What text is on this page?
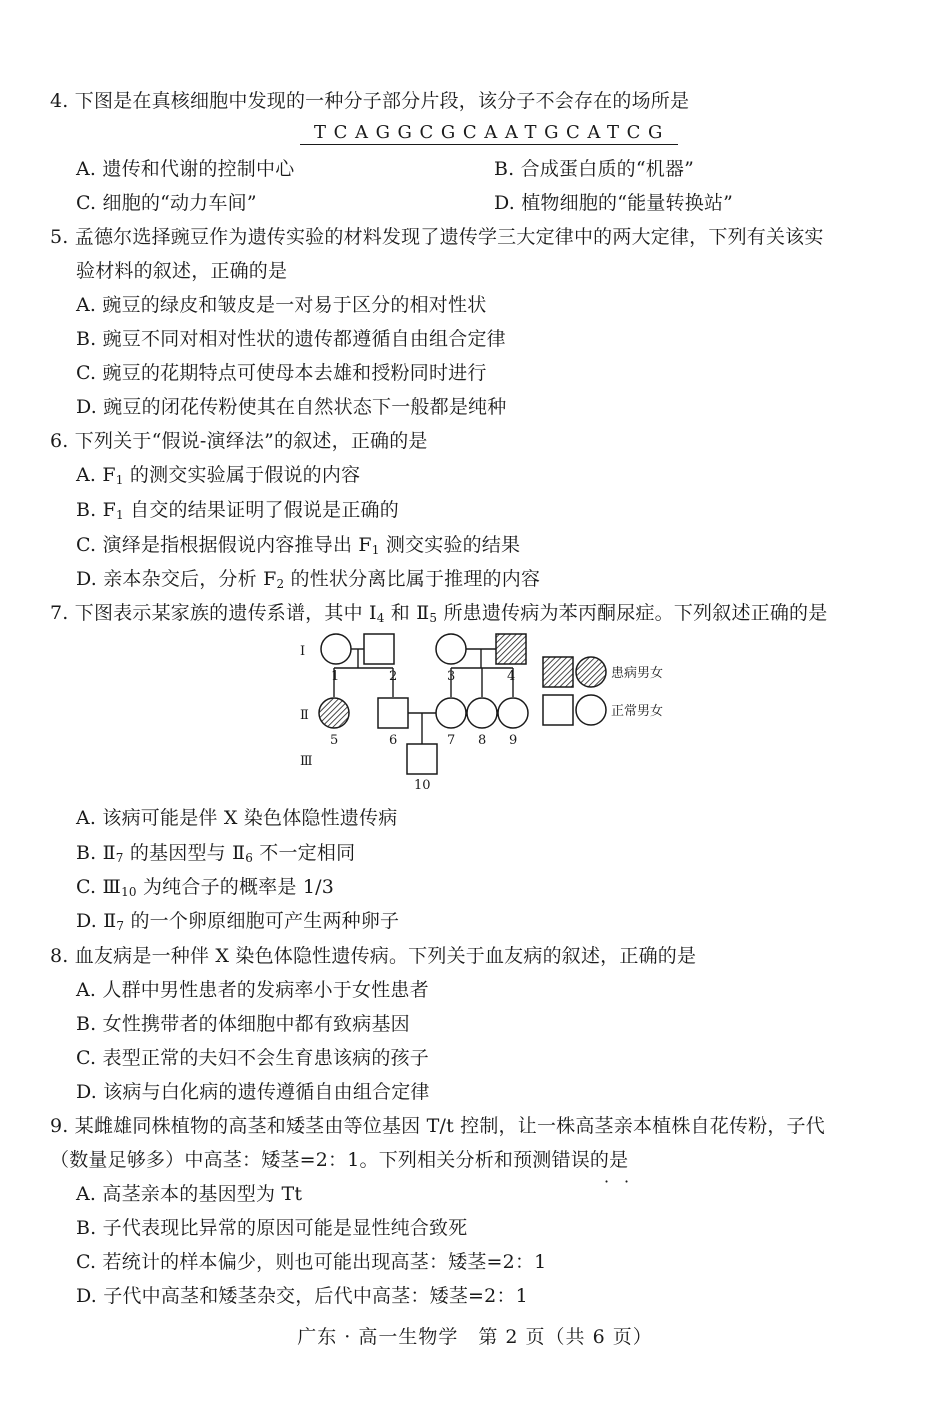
4. 下图是在真核细胞中发现的一种分子部分片段，该分子不会存在的场所是
TCAGGCGCAATGCATCG
A. 遗传和代谢的控制中心	B. 合成蛋白质的“机器”
C. 细胞的“动力车间”	D. 植物细胞的“能量转换站”
5. 孟德尔选择豌豆作为遗传实验的材料发现了遗传学三大定律中的两大定律，下列有关该实
验材料的叙述，正确的是
A. 豌豆的绿皮和皱皮是一对易于区分的相对性状
B. 豌豆不同对相对性状的遗传都遵循自由组合定律
C. 豌豆的花期特点可使母本去雄和授粉同时进行
D. 豌豆的闭花传粉使其在自然状态下一般都是纯种
6. 下列关于“假说-演绎法”的叙述，正确的是
A. $F_1$ 的测交实验属于假说的内容
B. $F_1$ 自交的结果证明了假说是正确的
C. 演绎是指根据假说内容推导出 $F_1$ 测交实验的结果
D. 亲本杂交后，分析 $F_2$ 的性状分离比属于推理的内容
7. 下图表示某家族的遗传系谱，其中 $Ⅰ_4$ 和 $Ⅱ_5$ 所患遗传病为苯丙酮尿症。下列叙述正确的是
Ⅰ
Ⅱ
Ⅲ
1	2	3	4
5	6	7 8 9
10
患病男女
正常男女
A. 该病可能是伴 X 染色体隐性遗传病
B. $Ⅱ_7$ 的基因型与 $Ⅱ_6$ 不一定相同
C. $Ⅲ_{10}$ 为纯合子的概率是 1/3
D. $Ⅱ_7$ 的一个卵原细胞可产生两种卵子
8. 血友病是一种伴 X 染色体隐性遗传病。下列关于血友病的叙述，正确的是
A. 人群中男性患者的发病率小于女性患者
B. 女性携带者的体细胞中都有致病基因
C. 表型正常的夫妇不会生育患该病的孩子
D. 该病与白化病的遗传遵循自由组合定律
9. 某雌雄同株植物的高茎和矮茎由等位基因 T/t 控制，让一株高茎亲本植株自花传粉，子代
（数量足够多）中高茎：矮茎=2：1。下列相关分析和预测错误的是
· ·
A. 高茎亲本的基因型为 Tt
B. 子代表现比异常的原因可能是显性纯合致死
C. 若统计的样本偏少，则也可能出现高茎：矮茎=2：1
D. 子代中高茎和矮茎杂交，后代中高茎：矮茎=2：1
广东 · 高一生物学　第 2 页（共 6 页）
